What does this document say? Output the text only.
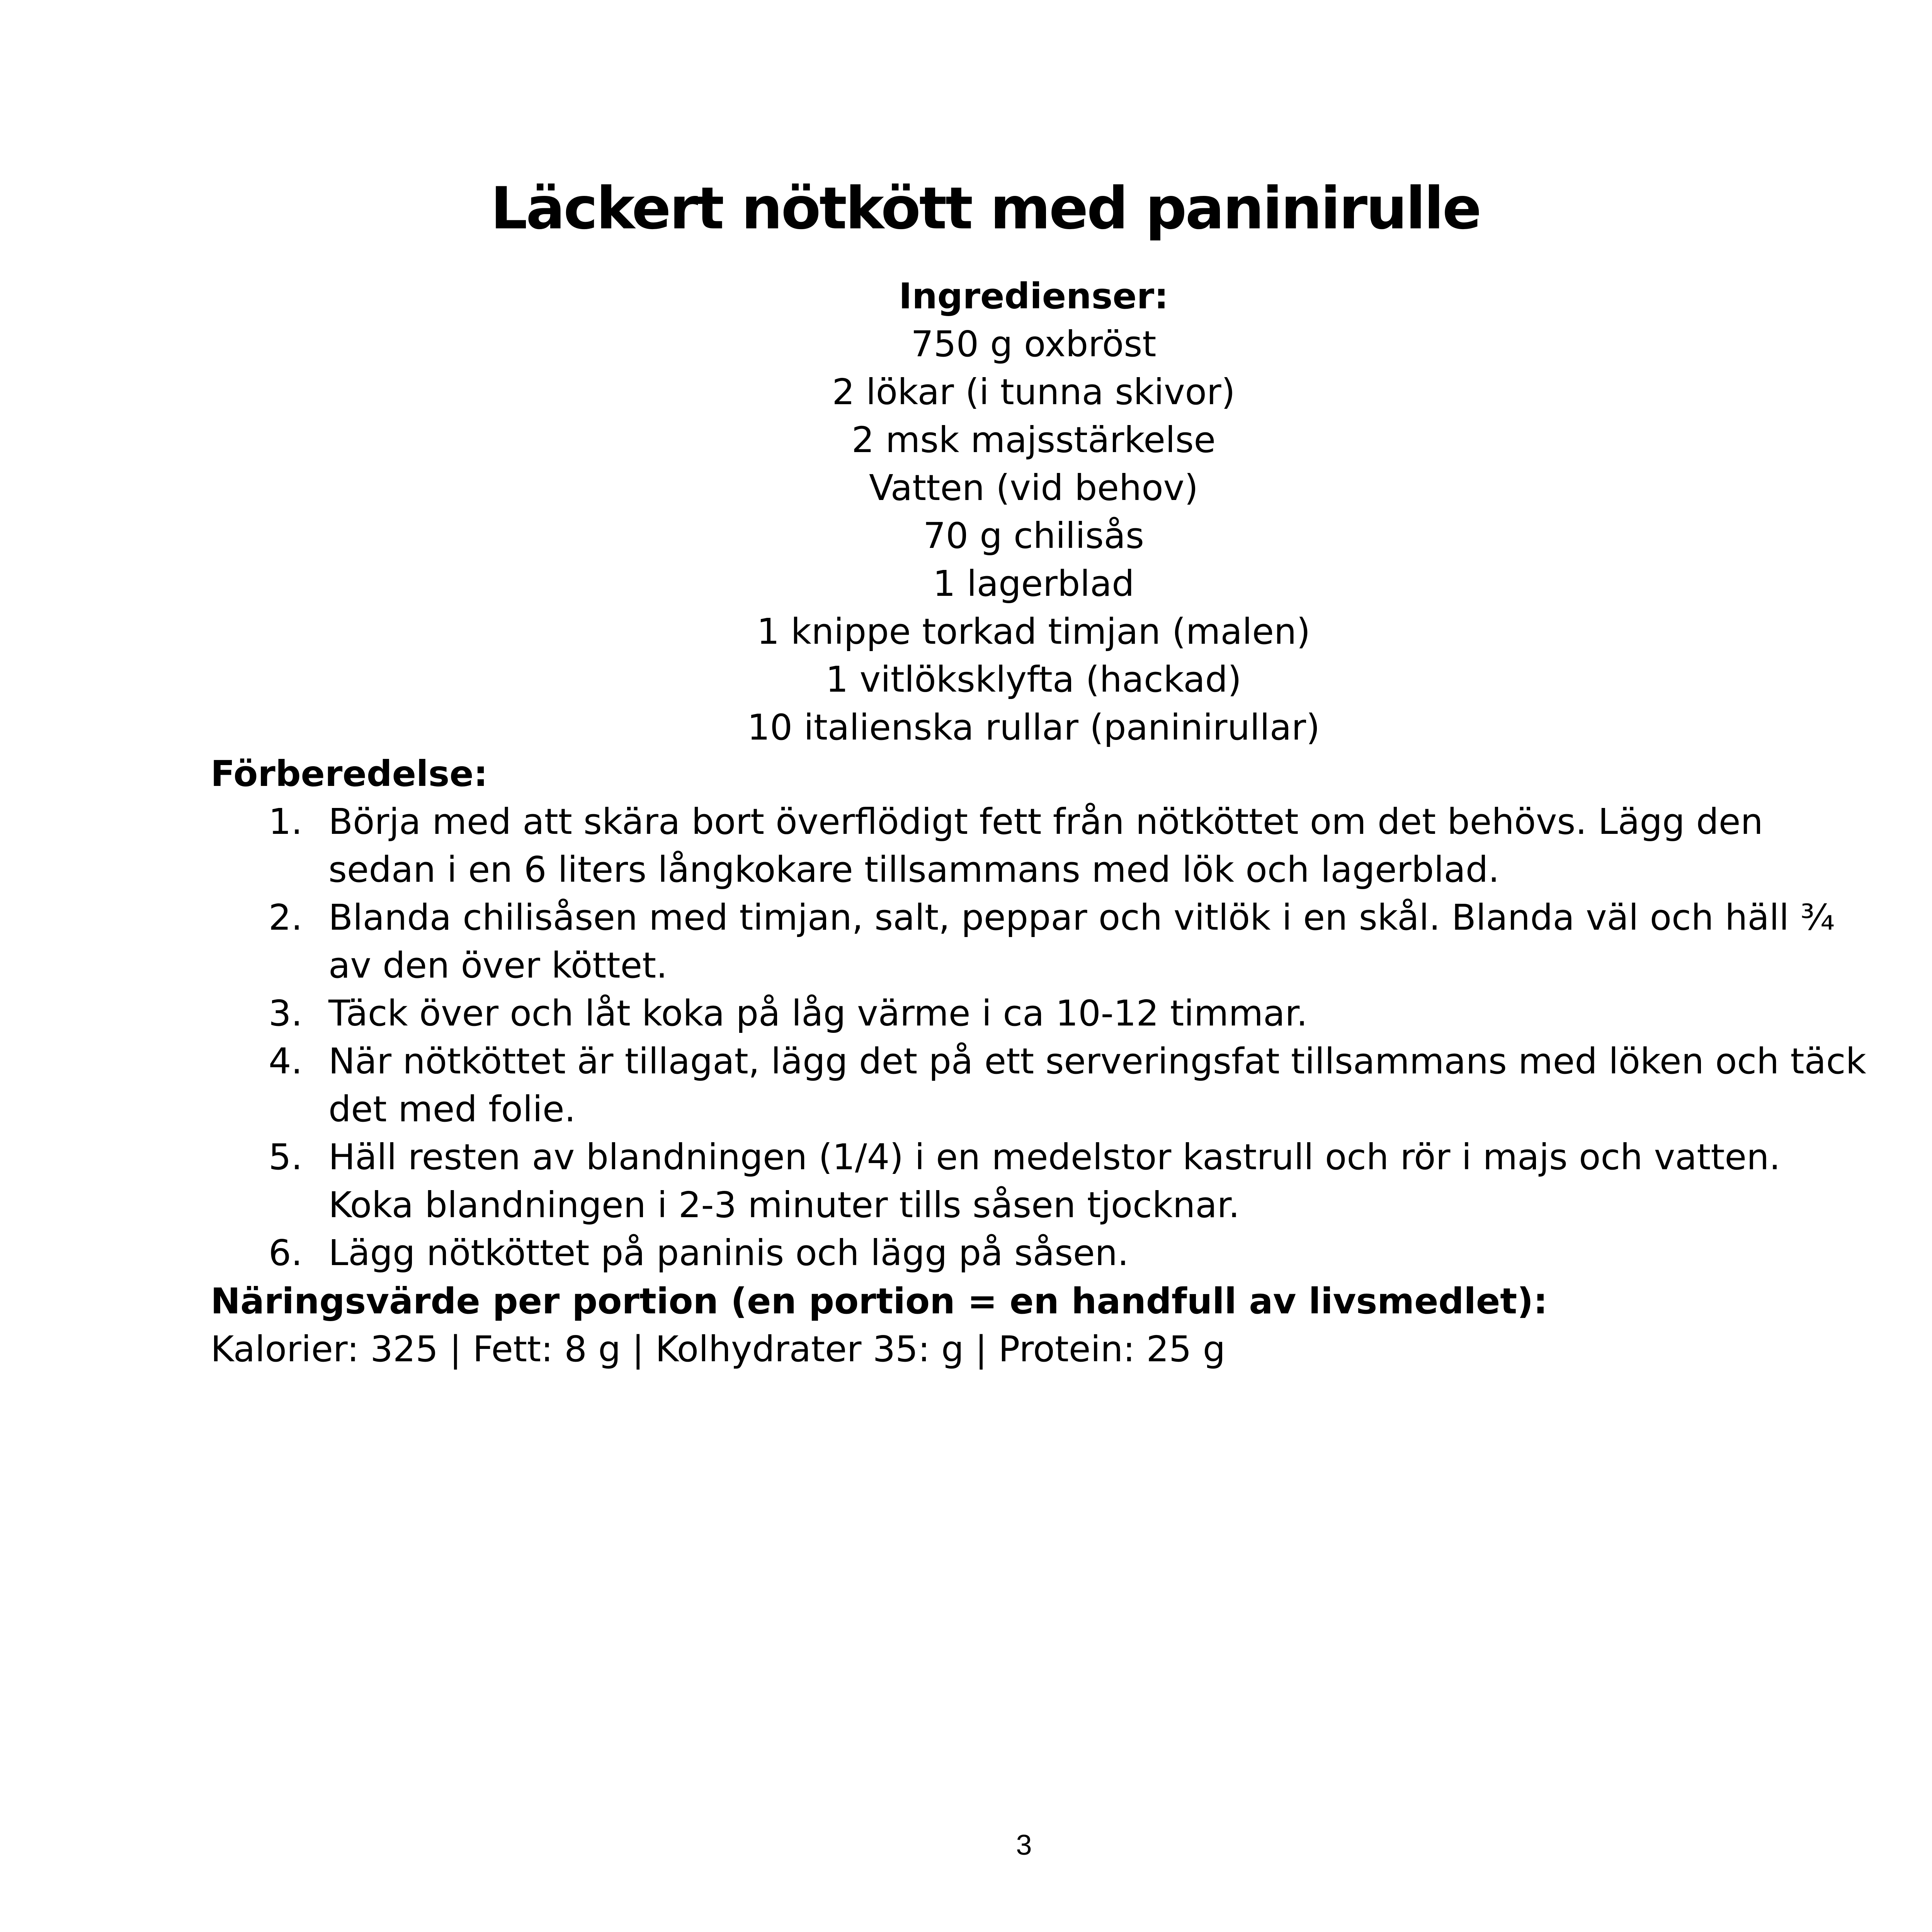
Läckert nötkött med paninirulle
Ingredienser:
750 g oxbröst
2 lökar (i tunna skivor)
2 msk majsstärkelse
Vatten (vid behov)
70 g chilisås
1 lagerblad
1 knippe torkad timjan (malen)
1 vitlöksklyfta (hackad)
10 italienska rullar (paninirullar)
Förberedelse:
1. Börja med att skära bort överflödigt fett från nötköttet om det behövs. Lägg den sedan i en 6 liters långkokare tillsammans med lök och lagerblad.
2. Blanda chilisåsen med timjan, salt, peppar och vitlök i en skål. Blanda väl och häll ¾ av den över köttet.
3. Täck över och låt koka på låg värme i ca 10-12 timmar.
4. När nötköttet är tillagat, lägg det på ett serveringsfat tillsammans med löken och täck det med folie.
5. Häll resten av blandningen (1/4) i en medelstor kastrull och rör i majs och vatten. Koka blandningen i 2-3 minuter tills såsen tjocknar.
6. Lägg nötköttet på paninis och lägg på såsen.
Näringsvärde per portion (en portion = en handfull av livsmedlet):
Kalorier: 325 | Fett: 8 g | Kolhydrater 35: g | Protein: 25 g
3
